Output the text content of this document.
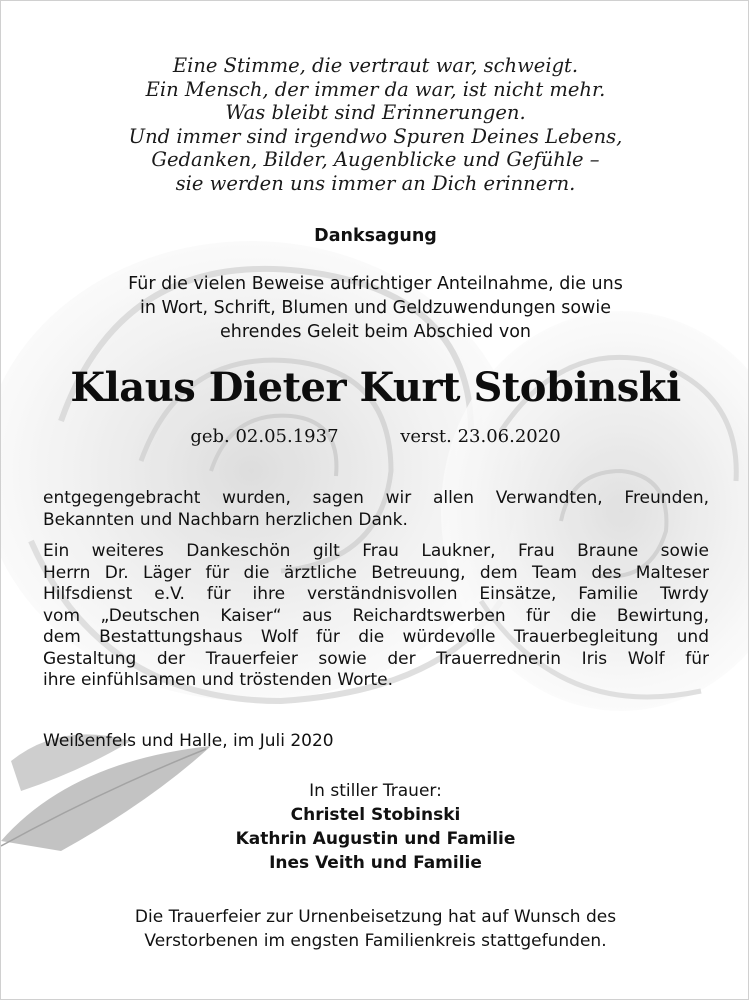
Eine Stimme, die vertraut war, schweigt.
Ein Mensch, der immer da war, ist nicht mehr.
Was bleibt sind Erinnerungen.
Und immer sind irgendwo Spuren Deines Lebens,
Gedanken, Bilder, Augenblicke und Gefühle –
sie werden uns immer an Dich erinnern.
Danksagung
Für die vielen Beweise aufrichtiger Anteilnahme, die uns
in Wort, Schrift, Blumen und Geldzuwendungen sowie
ehrendes Geleit beim Abschied von
Klaus Dieter Kurt Stobinski
geb. 02.05.1937	verst. 23.06.2020
entgegengebracht wurden, sagen wir allen Verwandten, Freunden,
Bekannten und Nachbarn herzlichen Dank.
Ein weiteres Dankeschön gilt Frau Laukner, Frau Braune sowie
Herrn Dr. Läger für die ärztliche Betreuung, dem Team des Malteser
Hilfsdienst e.V. für ihre verständnisvollen Einsätze, Familie Twrdy
vom „Deutschen Kaiser“ aus Reichardtswerben für die Bewirtung,
dem Bestattungshaus Wolf für die würdevolle Trauerbegleitung und
Gestaltung der Trauerfeier sowie der Trauerrednerin Iris Wolf für
ihre einfühlsamen und tröstenden Worte.
Weißenfels und Halle, im Juli 2020
In stiller Trauer:
Christel Stobinski
Kathrin Augustin und Familie
Ines Veith und Familie
Die Trauerfeier zur Urnenbeisetzung hat auf Wunsch des
Verstorbenen im engsten Familienkreis stattgefunden.
